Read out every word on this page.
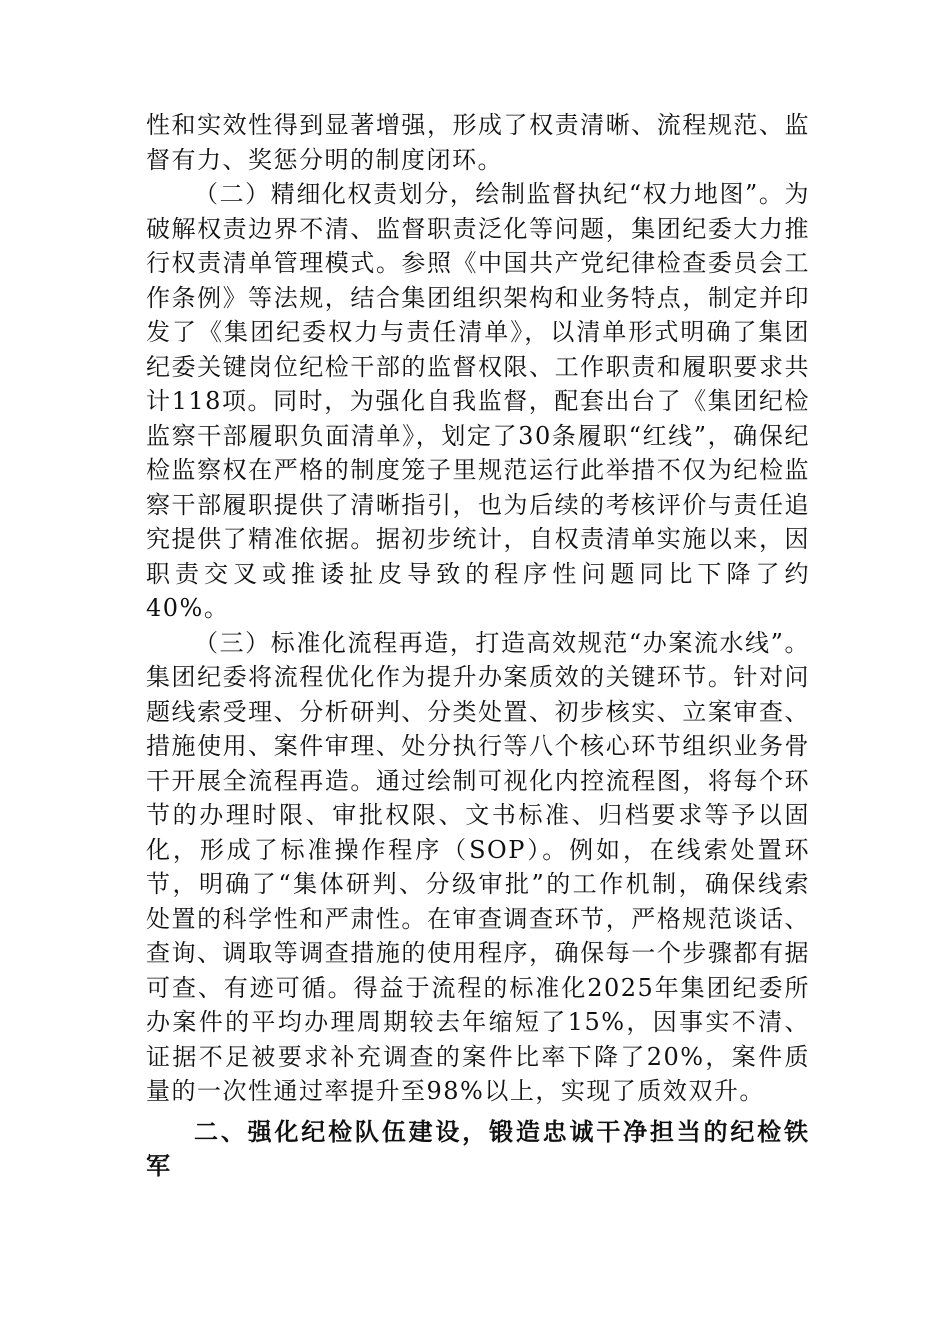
性和实效性得到显著增强，形成了权责清晰、流程规范、监督有力、奖惩分明的制度闭环。

（二）精细化权责划分，绘制监督执纪“权力地图”。为破解权责边界不清、监督职责泛化等问题，集团纪委大力推行权责清单管理模式。参照《中国共产党纪律检查委员会工作条例》等法规，结合集团组织架构和业务特点，制定并印发了《集团纪委权力与责任清单》，以清单形式明确了集团纪委关键岗位纪检干部的监督权限、工作职责和履职要求共计118项。同时，为强化自我监督，配套出台了《集团纪检监察干部履职负面清单》，划定了30条履职“红线”，确保纪检监察权在严格的制度笼子里规范运行此举措不仅为纪检监察干部履职提供了清晰指引，也为后续的考核评价与责任追究提供了精准依据。据初步统计，自权责清单实施以来，因职责交叉或推诿扯皮导致的程序性问题同比下降了约40%。

（三）标准化流程再造，打造高效规范“办案流水线”。集团纪委将流程优化作为提升办案质效的关键环节。针对问题线索受理、分析研判、分类处置、初步核实、立案审查、措施使用、案件审理、处分执行等八个核心环节组织业务骨干开展全流程再造。通过绘制可视化内控流程图，将每个环节的办理时限、审批权限、文书标准、归档要求等予以固化，形成了标准操作程序（SOP）。例如，在线索处置环节，明确了“集体研判、分级审批”的工作机制，确保线索处置的科学性和严肃性。在审查调查环节，严格规范谈话、查询、调取等调查措施的使用程序，确保每一个步骤都有据可查、有迹可循。得益于流程的标准化2025年集团纪委所办案件的平均办理周期较去年缩短了15%，因事实不清、证据不足被要求补充调查的案件比率下降了20%，案件质量的一次性通过率提升至98%以上，实现了质效双升。

二、强化纪检队伍建设，锻造忠诚干净担当的纪检铁军
